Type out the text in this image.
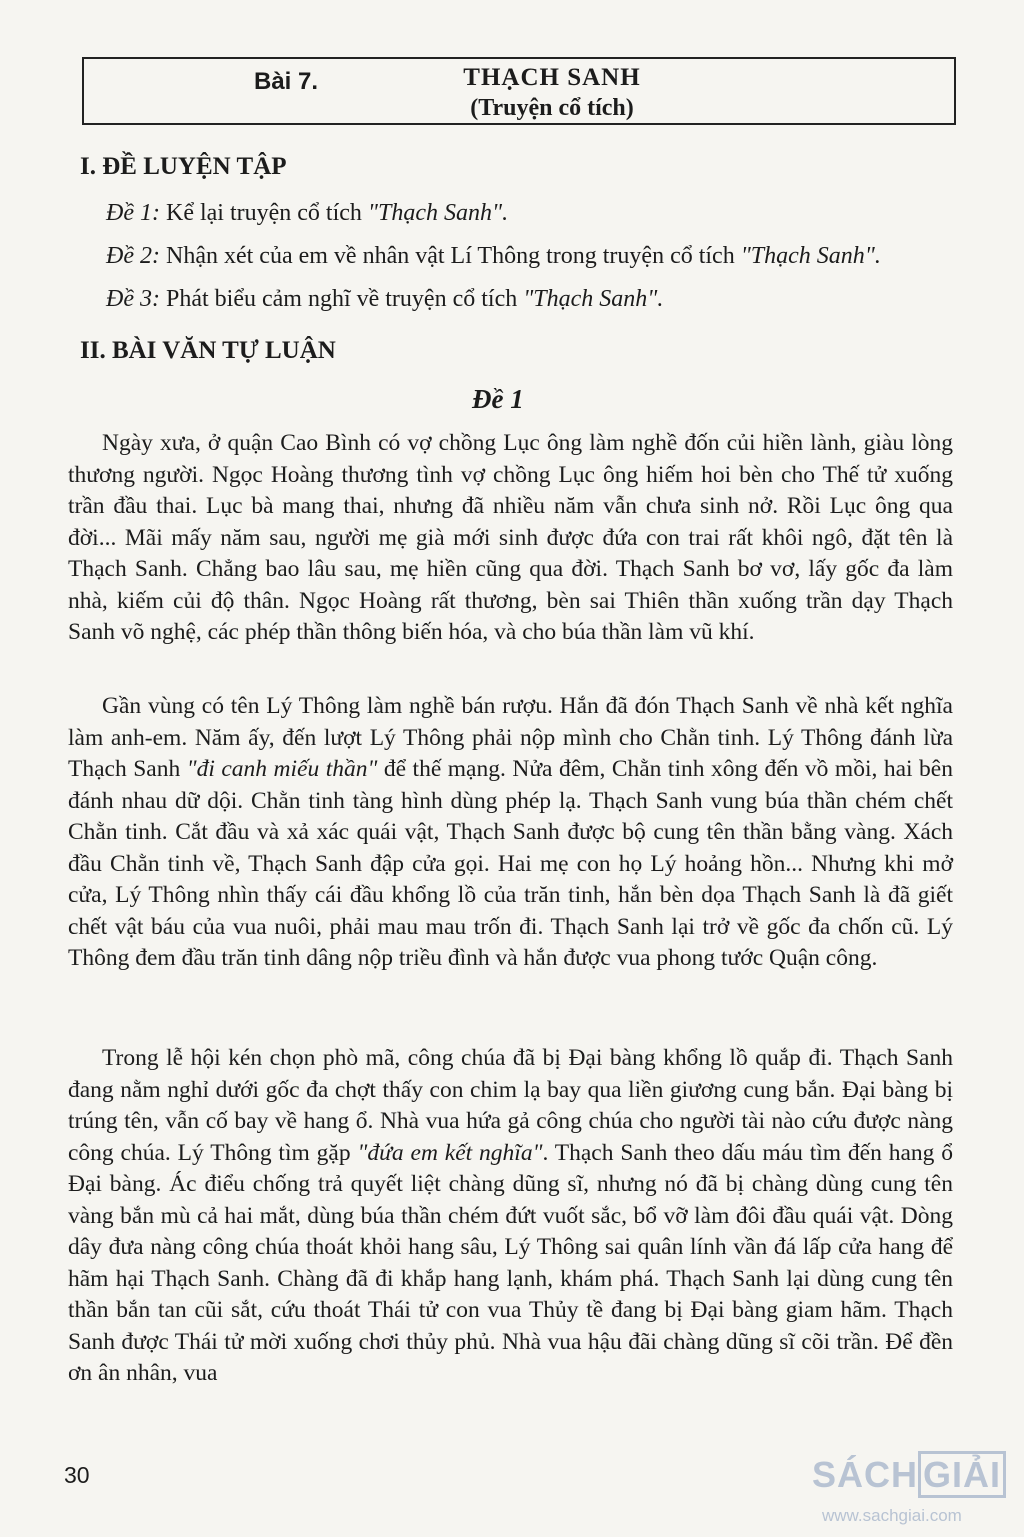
Bài 7.	THẠCH SANH
(Truyện cổ tích)
I. ĐỀ LUYỆN TẬP

Đề 1: Kể lại truyện cổ tích "Thạch Sanh".

Đề 2: Nhận xét của em về nhân vật Lí Thông trong truyện cổ tích "Thạch Sanh".

Đề 3: Phát biểu cảm nghĩ về truyện cổ tích "Thạch Sanh".

II. BÀI VĂN TỰ LUẬN
Đề 1

Ngày xưa, ở quận Cao Bình có vợ chồng Lục ông làm nghề đốn củi hiền lành, giàu lòng thương người. Ngọc Hoàng thương tình vợ chồng Lục ông hiếm hoi bèn cho Thế tử xuống trần đầu thai. Lục bà mang thai, nhưng đã nhiều năm vẫn chưa sinh nở. Rồi Lục ông qua đời... Mãi mấy năm sau, người mẹ già mới sinh được đứa con trai rất khôi ngô, đặt tên là Thạch Sanh. Chẳng bao lâu sau, mẹ hiền cũng qua đời. Thạch Sanh bơ vơ, lấy gốc đa làm nhà, kiếm củi độ thân. Ngọc Hoàng rất thương, bèn sai Thiên thần xuống trần dạy Thạch Sanh võ nghệ, các phép thần thông biến hóa, và cho búa thần làm vũ khí.

Gần vùng có tên Lý Thông làm nghề bán rượu. Hắn đã đón Thạch Sanh về nhà kết nghĩa làm anh-em. Năm ấy, đến lượt Lý Thông phải nộp mình cho Chằn tinh. Lý Thông đánh lừa Thạch Sanh "đi canh miếu thần" để thế mạng. Nửa đêm, Chằn tinh xông đến vồ mồi, hai bên đánh nhau dữ dội. Chằn tinh tàng hình dùng phép lạ. Thạch Sanh vung búa thần chém chết Chằn tinh. Cắt đầu và xả xác quái vật, Thạch Sanh được bộ cung tên thần bằng vàng. Xách đầu Chằn tinh về, Thạch Sanh đập cửa gọi. Hai mẹ con họ Lý hoảng hồn... Nhưng khi mở cửa, Lý Thông nhìn thấy cái đầu khổng lồ của trăn tinh, hắn bèn dọa Thạch Sanh là đã giết chết vật báu của vua nuôi, phải mau mau trốn đi. Thạch Sanh lại trở về gốc đa chốn cũ. Lý Thông đem đầu trăn tinh dâng nộp triều đình và hắn được vua phong tước Quận công.

Trong lễ hội kén chọn phò mã, công chúa đã bị Đại bàng khổng lồ quắp đi. Thạch Sanh đang nằm nghỉ dưới gốc đa chợt thấy con chim lạ bay qua liền giương cung bắn. Đại bàng bị trúng tên, vẫn cố bay về hang ổ. Nhà vua hứa gả công chúa cho người tài nào cứu được nàng công chúa. Lý Thông tìm gặp "đứa em kết nghĩa". Thạch Sanh theo dấu máu tìm đến hang ổ Đại bàng. Ác điểu chống trả quyết liệt chàng dũng sĩ, nhưng nó đã bị chàng dùng cung tên vàng bắn mù cả hai mắt, dùng búa thần chém đứt vuốt sắc, bổ vỡ làm đôi đầu quái vật. Dòng dây đưa nàng công chúa thoát khỏi hang sâu, Lý Thông sai quân lính vần đá lấp cửa hang để hãm hại Thạch Sanh. Chàng đã đi khắp hang lạnh, khám phá. Thạch Sanh lại dùng cung tên thần bắn tan cũi sắt, cứu thoát Thái tử con vua Thủy tề đang bị Đại bàng giam hãm. Thạch Sanh được Thái tử mời xuống chơi thủy phủ. Nhà vua hậu đãi chàng dũng sĩ cõi trần. Để đền ơn ân nhân, vua

30	SÁCH GIẢI
www.sachgiai.com
